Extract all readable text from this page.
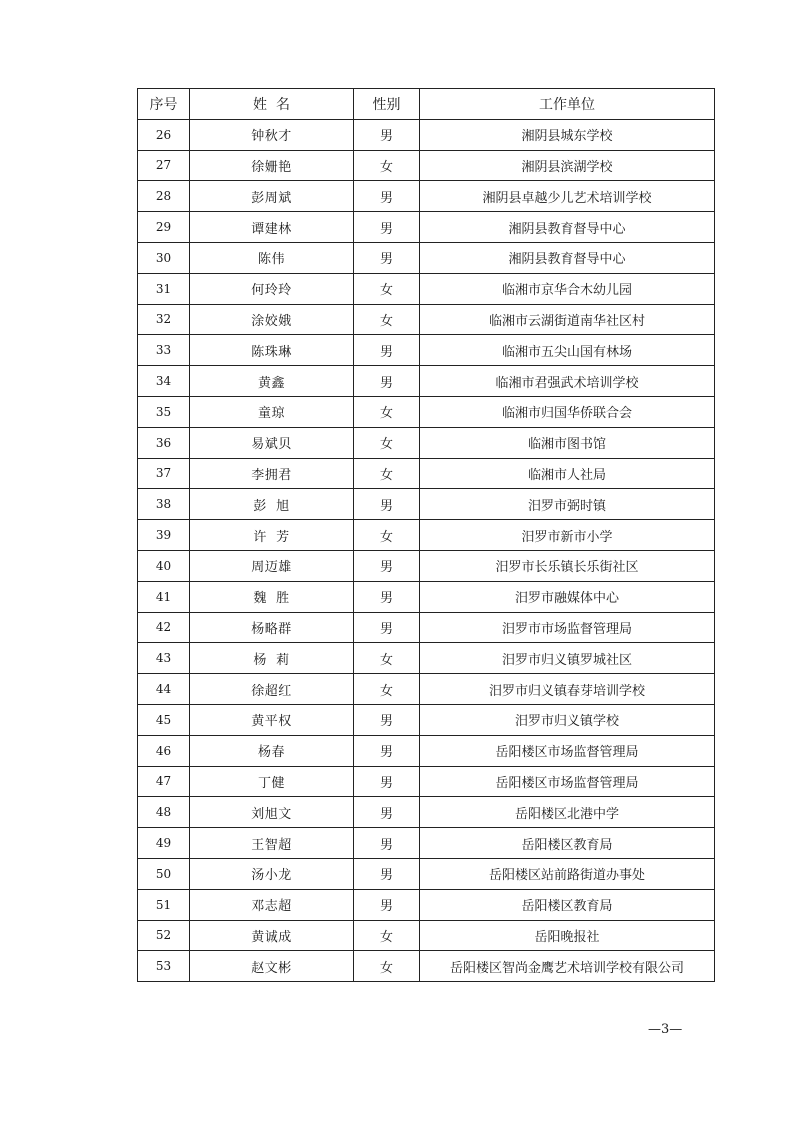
序号	姓  名	性别	工作单位
26	钟秋才	男	湘阴县城东学校
27	徐姗艳	女	湘阴县滨湖学校
28	彭周斌	男	湘阴县卓越少儿艺术培训学校
29	谭建林	男	湘阴县教育督导中心
30	陈伟	男	湘阴县教育督导中心
31	何玲玲	女	临湘市京华合木幼儿园
32	涂姣娥	女	临湘市云湖街道南华社区村
33	陈珠琳	男	临湘市五尖山国有林场
34	黄鑫	男	临湘市君强武术培训学校
35	童琼	女	临湘市归国华侨联合会
36	易斌贝	女	临湘市图书馆
37	李拥君	女	临湘市人社局
38	彭  旭	男	汨罗市弼时镇
39	许  芳	女	汨罗市新市小学
40	周迈雄	男	汨罗市长乐镇长乐街社区
41	魏  胜	男	汨罗市融媒体中心
42	杨略群	男	汨罗市市场监督管理局
43	杨  莉	女	汨罗市归义镇罗城社区
44	徐超红	女	汨罗市归义镇春芽培训学校
45	黄平权	男	汨罗市归义镇学校
46	杨春	男	岳阳楼区市场监督管理局
47	丁健	男	岳阳楼区市场监督管理局
48	刘旭文	男	岳阳楼区北港中学
49	王智超	男	岳阳楼区教育局
50	汤小龙	男	岳阳楼区站前路街道办事处
51	邓志超	男	岳阳楼区教育局
52	黄诚成	女	岳阳晚报社
53	赵文彬	女	岳阳楼区智尚金鹰艺术培训学校有限公司
—3—
